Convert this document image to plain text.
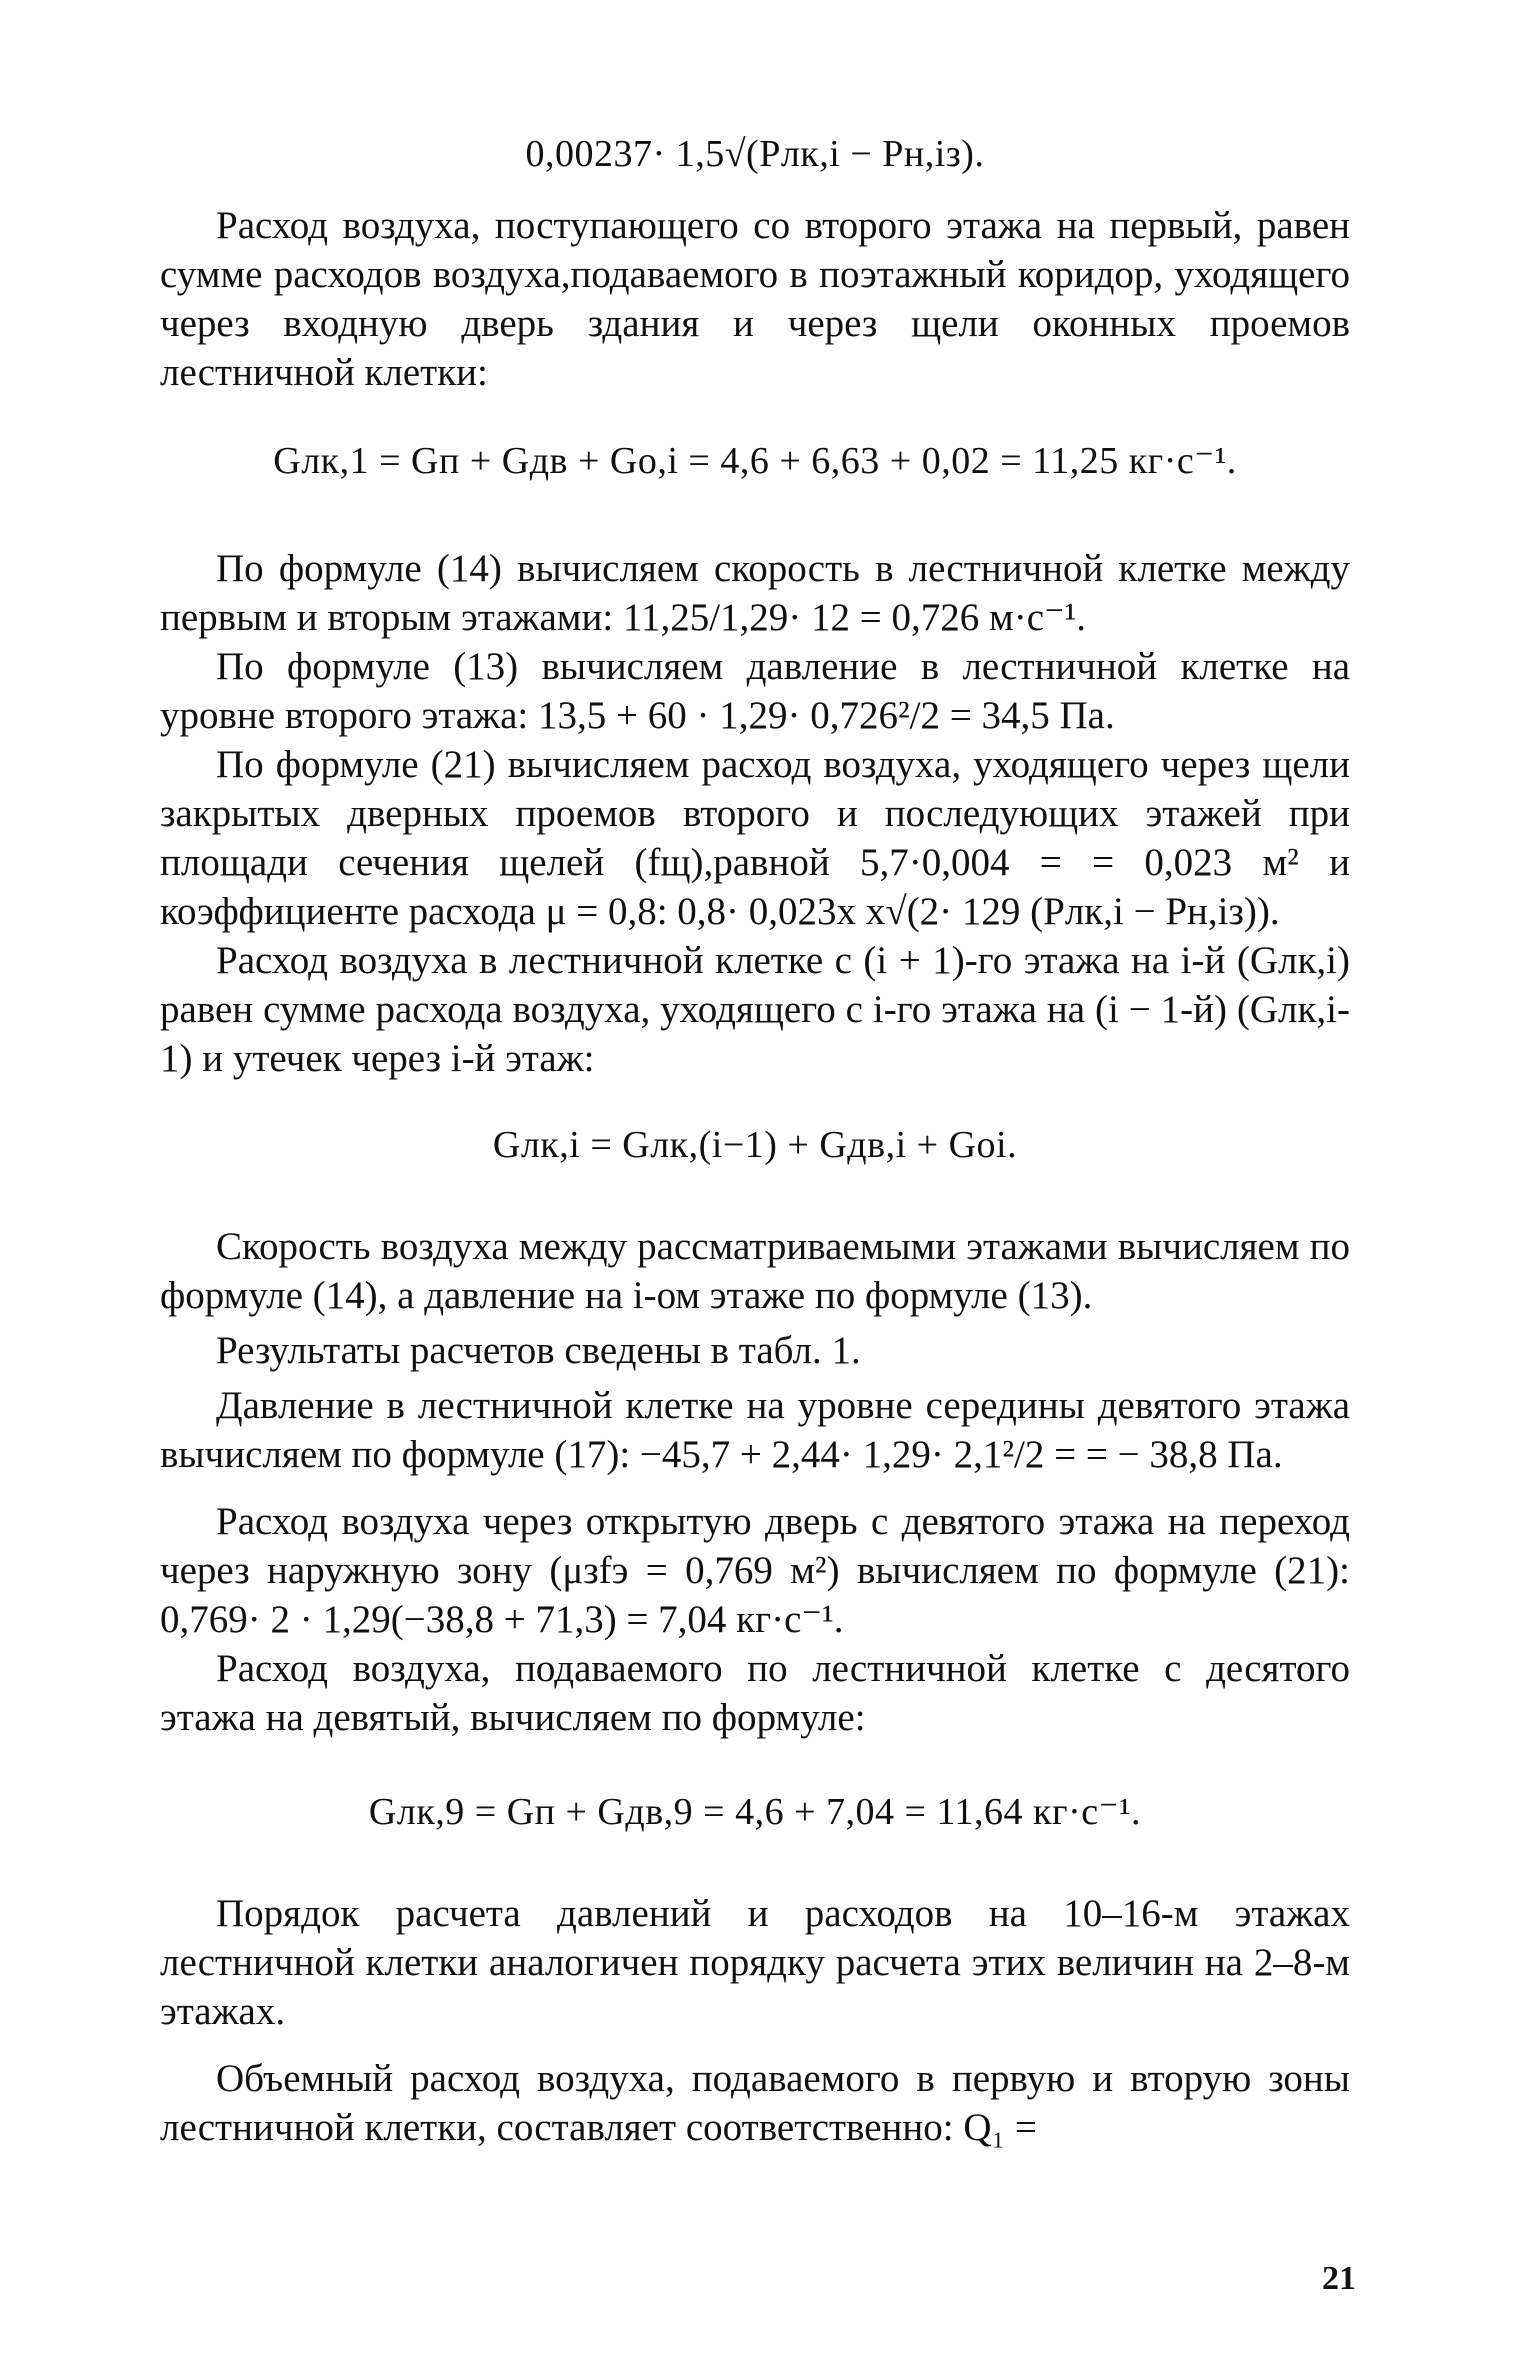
0,00237· 1,5√(Pлк,i − Pн,iз).

Расход воздуха, поступающего со второго этажа на первый, равен сумме расходов воздуха,подаваемого в поэтажный коридор, уходящего через входную дверь здания и через щели оконных проемов лестничной клетки:

Gлк,1 = Gп + Gдв + Gо,i = 4,6 + 6,63 + 0,02 = 11,25 кг·с⁻¹.

По формуле (14) вычисляем скорость в лестничной клетке между первым и вторым этажами: 11,25/1,29· 12 = 0,726 м·с⁻¹.

По формуле (13) вычисляем давление в лестничной клетке на уровне второго этажа: 13,5 + 60 · 1,29· 0,726²/2 = 34,5 Па.

По формуле (21) вычисляем расход воздуха, уходящего через щели закрытых дверных проемов второго и последующих этажей при площади сечения щелей (fщ),равной 5,7·0,004 = = 0,023 м² и коэффициенте расхода μ = 0,8: 0,8· 0,023х х√(2· 129 (Pлк,i − Pн,iз)).

Расход воздуха в лестничной клетке с (i + 1)-го этажа на i-й (Gлк,i) равен сумме расхода воздуха, уходящего с i-го этажа на (i − 1-й) (Gлк,i-1) и утечек через i-й этаж:

Gлк,i = Gлк,(i−1) + Gдв,i + Gоi.

Скорость воздуха между рассматриваемыми этажами вычисляем по формуле (14), а давление на i-ом этаже по формуле (13).

Результаты расчетов сведены в табл. 1.

Давление в лестничной клетке на уровне середины девятого этажа вычисляем по формуле (17): −45,7 + 2,44· 1,29· 2,1²/2 = = − 38,8 Па.

Расход воздуха через открытую дверь с девятого этажа на переход через наружную зону (μзfэ = 0,769 м²) вычисляем по формуле (21): 0,769· 2 · 1,29(−38,8 + 71,3) = 7,04 кг·с⁻¹.

Расход воздуха, подаваемого по лестничной клетке с десятого этажа на девятый, вычисляем по формуле:

Gлк,9 = Gп + Gдв,9 = 4,6 + 7,04 = 11,64 кг·с⁻¹.

Порядок расчета давлений и расходов на 10–16-м этажах лестничной клетки аналогичен порядку расчета этих величин на 2–8-м этажах.

Объемный расход воздуха, подаваемого в первую и вторую зоны лестничной клетки, составляет соответственно: Q₁ =

21
